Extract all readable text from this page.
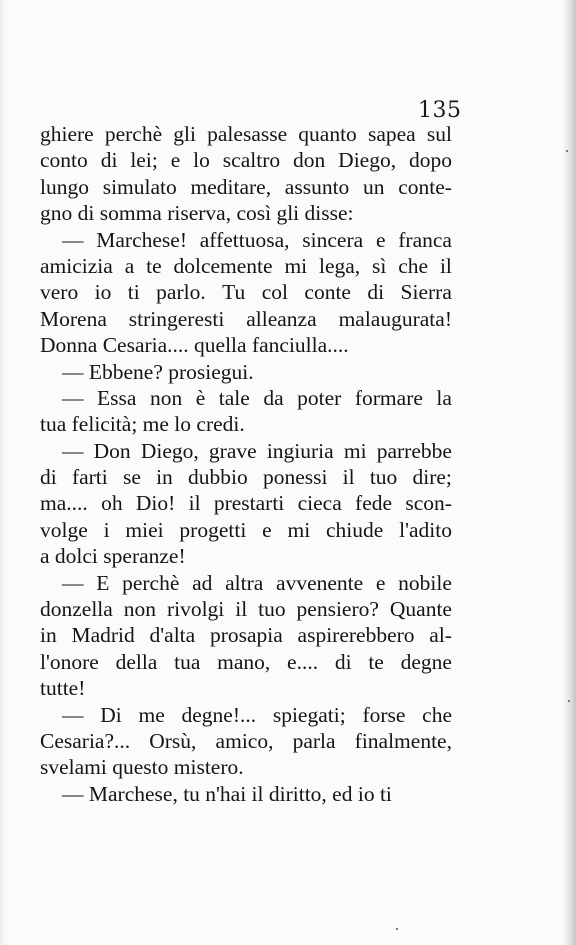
135
ghiere perchè gli palesasse quanto sapea sul
conto di lei; e lo scaltro don Diego, dopo
lungo simulato meditare, assunto un conte-
gno di somma riserva, così gli disse:
— Marchese! affettuosa, sincera e franca
amicizia a te dolcemente mi lega, sì che il
vero io ti parlo. Tu col conte di Sierra
Morena stringeresti alleanza malaugurata!
Donna Cesaria.... quella fanciulla....
— Ebbene? prosiegui.
— Essa non è tale da poter formare la
tua felicità; me lo credi.
— Don Diego, grave ingiuria mi parrebbe
di farti se in dubbio ponessi il tuo dire;
ma.... oh Dio! il prestarti cieca fede scon-
volge i miei progetti e mi chiude l'adito
a dolci speranze!
— E perchè ad altra avvenente e nobile
donzella non rivolgi il tuo pensiero? Quante
in Madrid d'alta prosapia aspirerebbero al-
l'onore della tua mano, e.... di te degne
tutte!
— Di me degne!... spiegati; forse che
Cesaria?... Orsù, amico, parla finalmente,
svelami questo mistero.
— Marchese, tu n'hai il diritto, ed io ti
